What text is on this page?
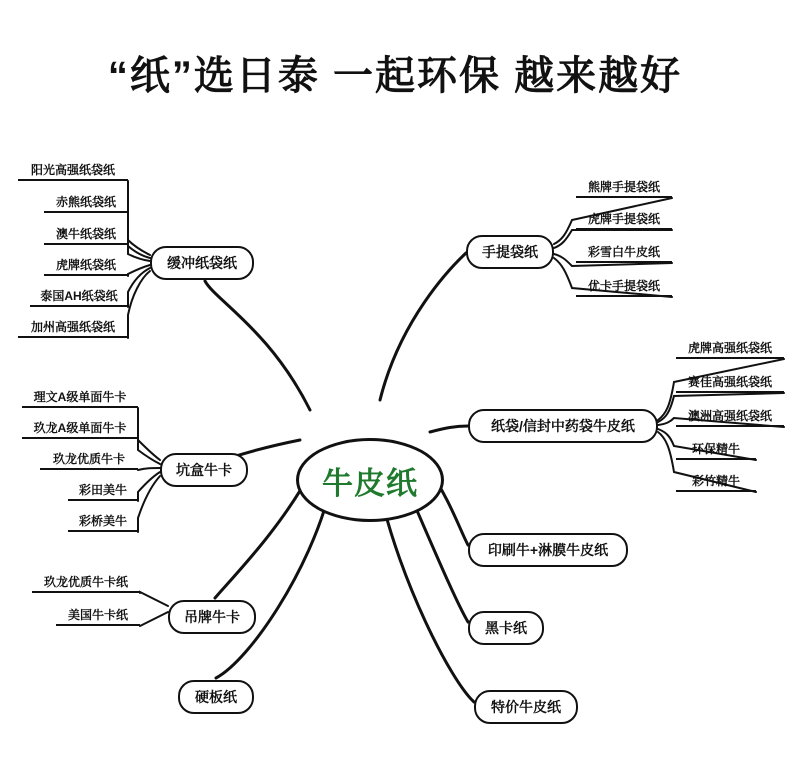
“纸”选日泰 一起环保 越来越好
牛皮纸
缓冲纸袋纸
阳光高强纸袋纸
赤熊纸袋纸
澳牛纸袋纸
虎牌纸袋纸
泰国AH纸袋纸
加州高强纸袋纸
坑盒牛卡
理文A级单面牛卡
玖龙A级单面牛卡
玖龙优质牛卡
彩田美牛
彩桥美牛
吊牌牛卡
玖龙优质牛卡纸
美国牛卡纸
硬板纸
手提袋纸
熊牌手提袋纸
虎牌手提袋纸
彩雪白牛皮纸
优卡手提袋纸
纸袋/信封中药袋牛皮纸
虎牌高强纸袋纸
赛佳高强纸袋纸
澳洲高强纸袋纸
环保精牛
彩竹精牛
印刷牛+淋膜牛皮纸
黑卡纸
特价牛皮纸
